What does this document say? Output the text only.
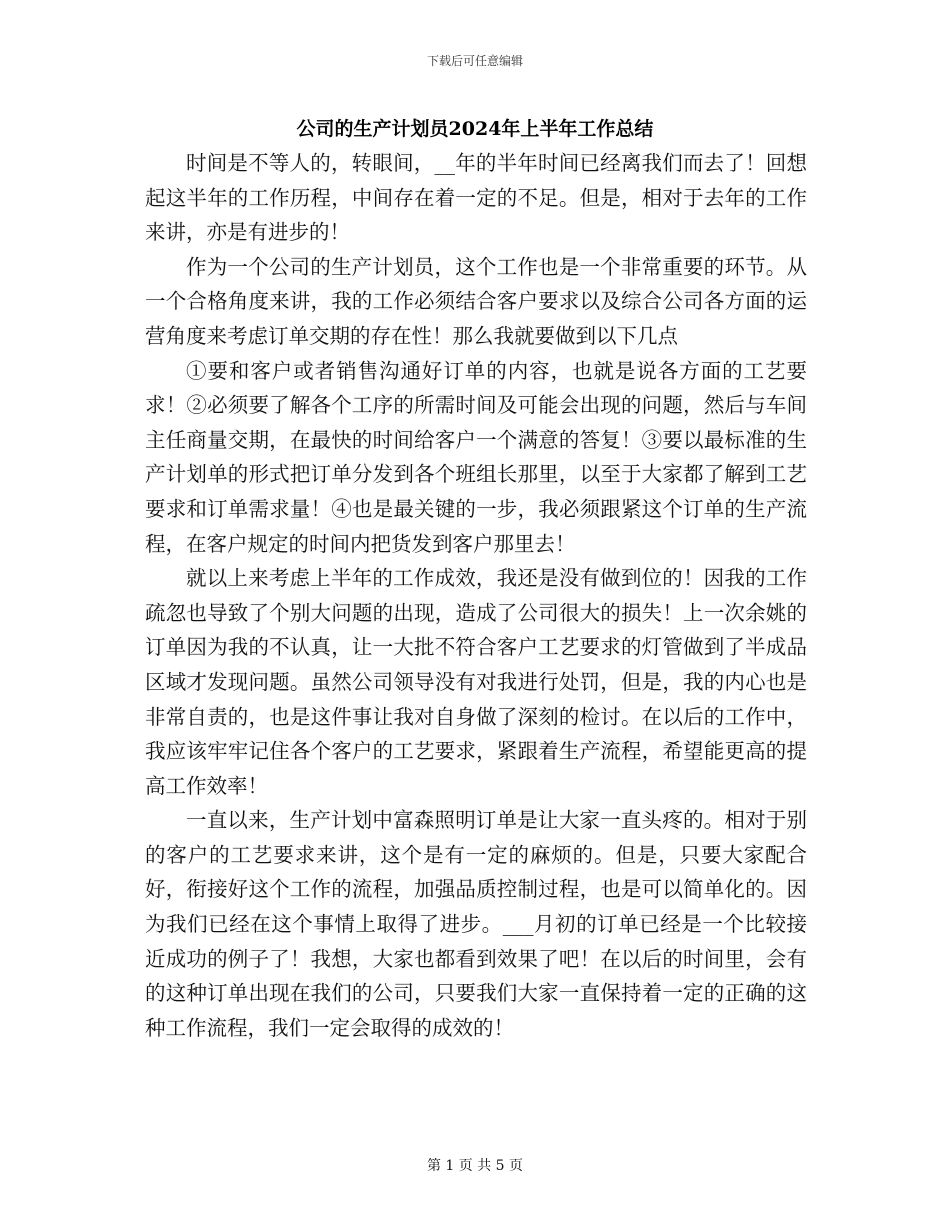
下载后可任意编辑
公司的生产计划员2024年上半年工作总结

时间是不等人的，转眼间，__年的半年时间已经离我们而去了！回想起这半年的工作历程，中间存在着一定的不足。但是，相对于去年的工作来讲，亦是有进步的！

作为一个公司的生产计划员，这个工作也是一个非常重要的环节。从一个合格角度来讲，我的工作必须结合客户要求以及综合公司各方面的运营角度来考虑订单交期的存在性！那么我就要做到以下几点

①要和客户或者销售沟通好订单的内容，也就是说各方面的工艺要求！②必须要了解各个工序的所需时间及可能会出现的问题，然后与车间主任商量交期，在最快的时间给客户一个满意的答复！③要以最标准的生产计划单的形式把订单分发到各个班组长那里，以至于大家都了解到工艺要求和订单需求量！④也是最关键的一步，我必须跟紧这个订单的生产流程，在客户规定的时间内把货发到客户那里去！

就以上来考虑上半年的工作成效，我还是没有做到位的！因我的工作疏忽也导致了个别大问题的出现，造成了公司很大的损失！上一次余姚的订单因为我的不认真，让一大批不符合客户工艺要求的灯管做到了半成品区域才发现问题。虽然公司领导没有对我进行处罚，但是，我的内心也是非常自责的，也是这件事让我对自身做了深刻的检讨。在以后的工作中，我应该牢牢记住各个客户的工艺要求，紧跟着生产流程，希望能更高的提高工作效率！

一直以来，生产计划中富森照明订单是让大家一直头疼的。相对于别的客户的工艺要求来讲，这个是有一定的麻烦的。但是，只要大家配合好，衔接好这个工作的流程，加强品质控制过程，也是可以简单化的。因为我们已经在这个事情上取得了进步。___月初的订单已经是一个比较接近成功的例子了！我想，大家也都看到效果了吧！在以后的时间里，会有的这种订单出现在我们的公司，只要我们大家一直保持着一定的正确的这种工作流程，我们一定会取得的成效的！

第 1 页 共 5 页
